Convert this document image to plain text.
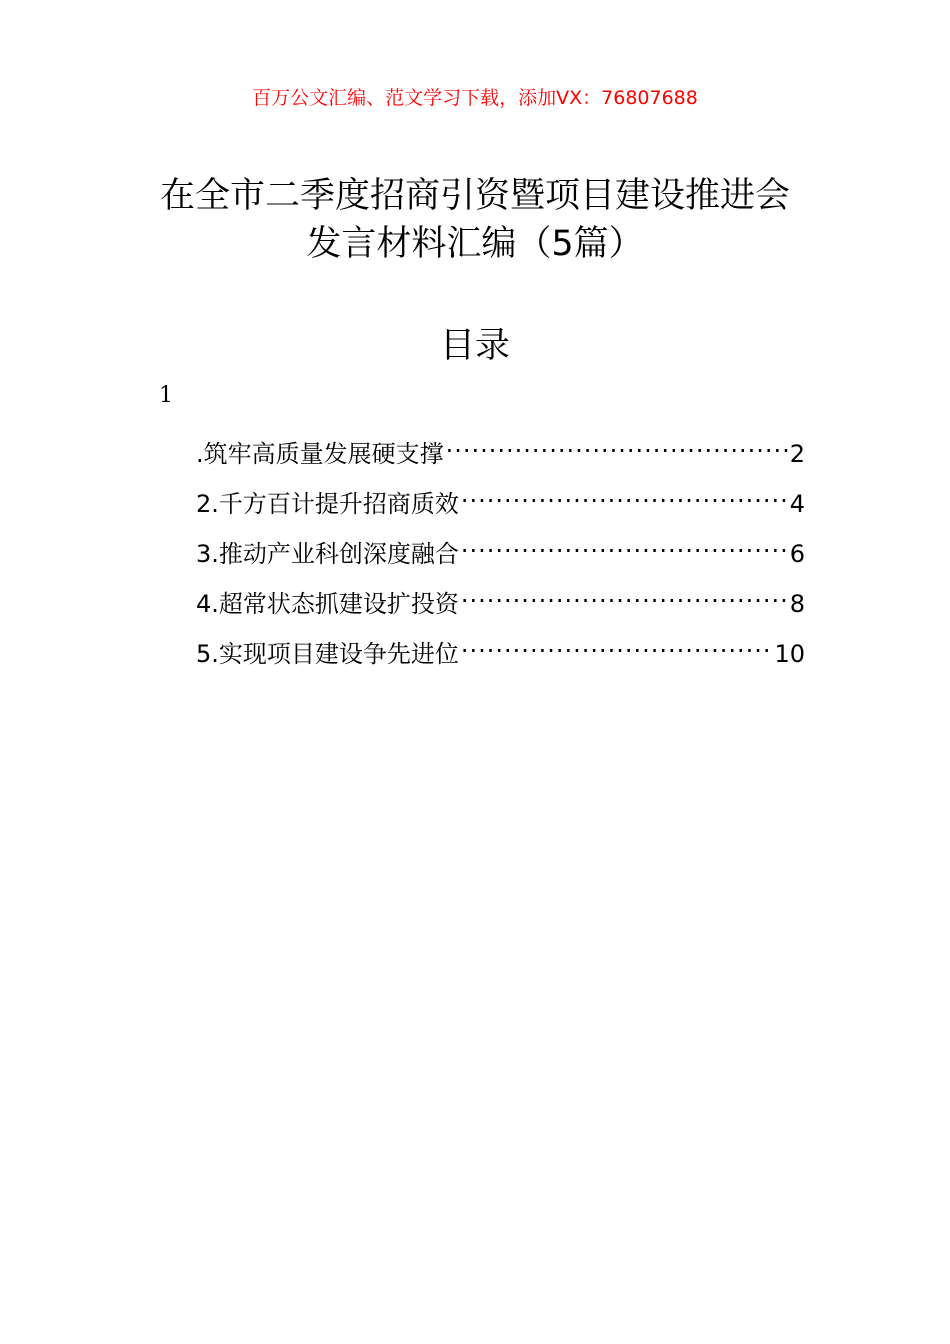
百万公文汇编、范文学习下载，添加VX：76807688
在全市二季度招商引资暨项目建设推进会
发言材料汇编（5篇）
目录
1
.筑牢高质量发展硬支撑 .....	2
2.千方百计提升招商质效 .....	4
3.推动产业科创深度融合 .....	6
4.超常状态抓建设扩投资 .....	8
5.实现项目建设争先进位 .....	10
